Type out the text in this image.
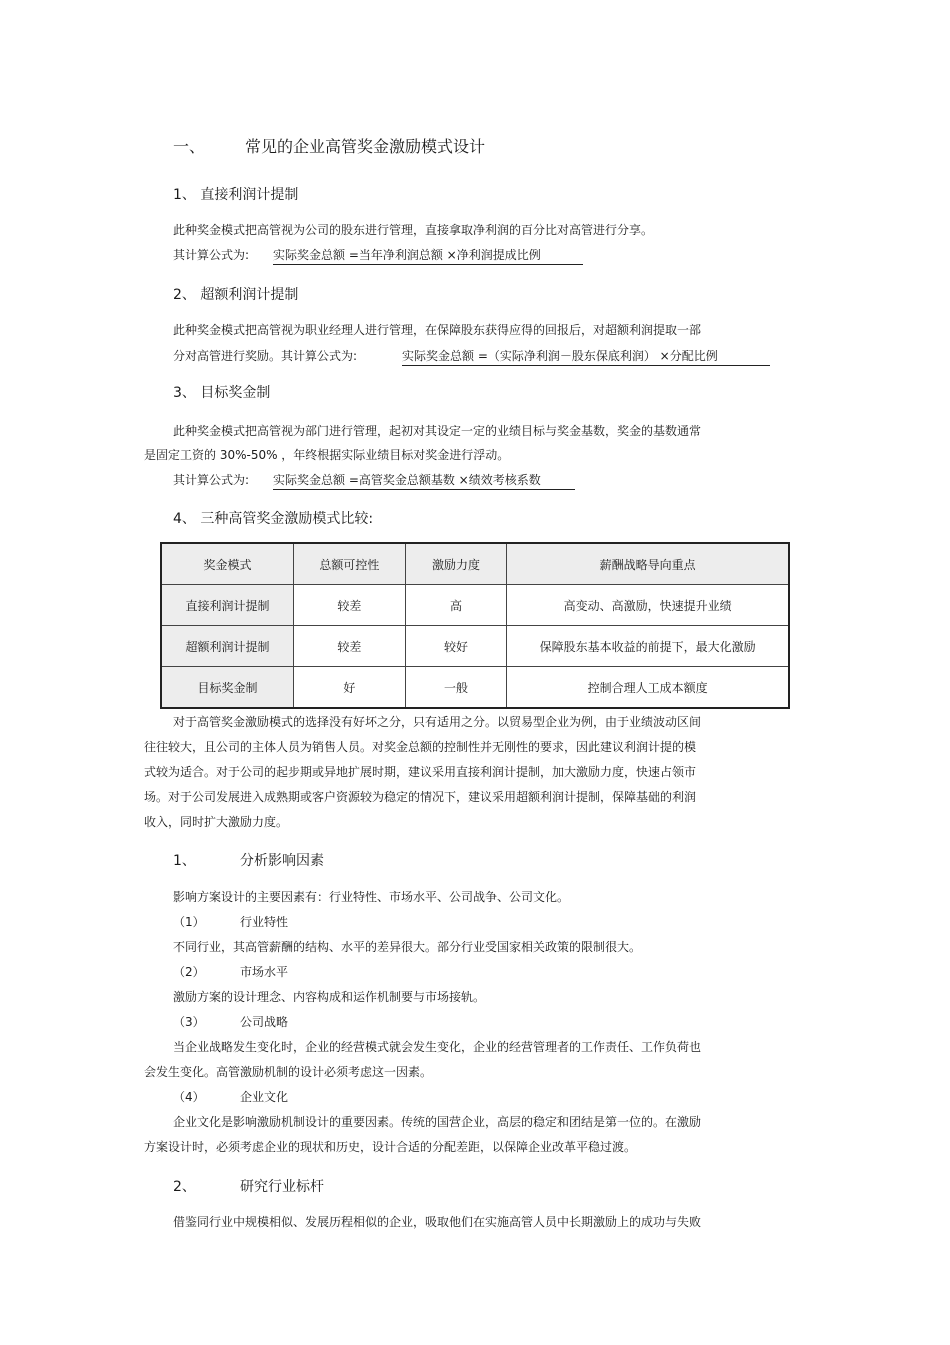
一、 常见的企业高管奖金激励模式设计
1、 直接利润计提制
此种奖金模式把高管视为公司的股东进行管理，直接拿取净利润的百分比对高管进行分享。
其计算公式为: 实际奖金总额 =当年净利润总额 ×净利润提成比例
2、 超额利润计提制
此种奖金模式把高管视为职业经理人进行管理，在保障股东获得应得的回报后，对超额利润提取一部
分对高管进行奖励。其计算公式为:	实际奖金总额 =（实际净利润－股东保底利润） ×分配比例
3、 目标奖金制
此种奖金模式把高管视为部门进行管理，起初对其设定一定的业绩目标与奖金基数，奖金的基数通常
是固定工资的 30%-50% ，年终根据实际业绩目标对奖金进行浮动。
其计算公式为: 实际奖金总额 =高管奖金总额基数 ×绩效考核系数
4、 三种高管奖金激励模式比较:
奖金模式	总额可控性	激励力度	薪酬战略导向重点
直接利润计提制	较差	高	高变动、高激励，快速提升业绩
超额利润计提制	较差	较好	保障股东基本收益的前提下，最大化激励
目标奖金制	好	一般	控制合理人工成本额度
对于高管奖金激励模式的选择没有好坏之分，只有适用之分。以贸易型企业为例，由于业绩波动区间
往往较大，且公司的主体人员为销售人员。对奖金总额的控制性并无刚性的要求，因此建议利润计提的模
式较为适合。对于公司的起步期或异地扩展时期，建议采用直接利润计提制，加大激励力度，快速占领市
场。对于公司发展进入成熟期或客户资源较为稳定的情况下，建议采用超额利润计提制，保障基础的利润
收入，同时扩大激励力度。
1、	分析影响因素
影响方案设计的主要因素有：行业特性、市场水平、公司战争、公司文化。
（1）	行业特性
不同行业，其高管薪酬的结构、水平的差异很大。部分行业受国家相关政策的限制很大。
（2）	市场水平
激励方案的设计理念、内容构成和运作机制要与市场接轨。
（3）	公司战略
当企业战略发生变化时，企业的经营模式就会发生变化，企业的经营管理者的工作责任、工作负荷也
会发生变化。高管激励机制的设计必须考虑这一因素。
（4）	企业文化
企业文化是影响激励机制设计的重要因素。传统的国营企业，高层的稳定和团结是第一位的。在激励
方案设计时，必须考虑企业的现状和历史，设计合适的分配差距，以保障企业改革平稳过渡。
2、	研究行业标杆
借鉴同行业中规模相似、发展历程相似的企业，吸取他们在实施高管人员中长期激励上的成功与失败
